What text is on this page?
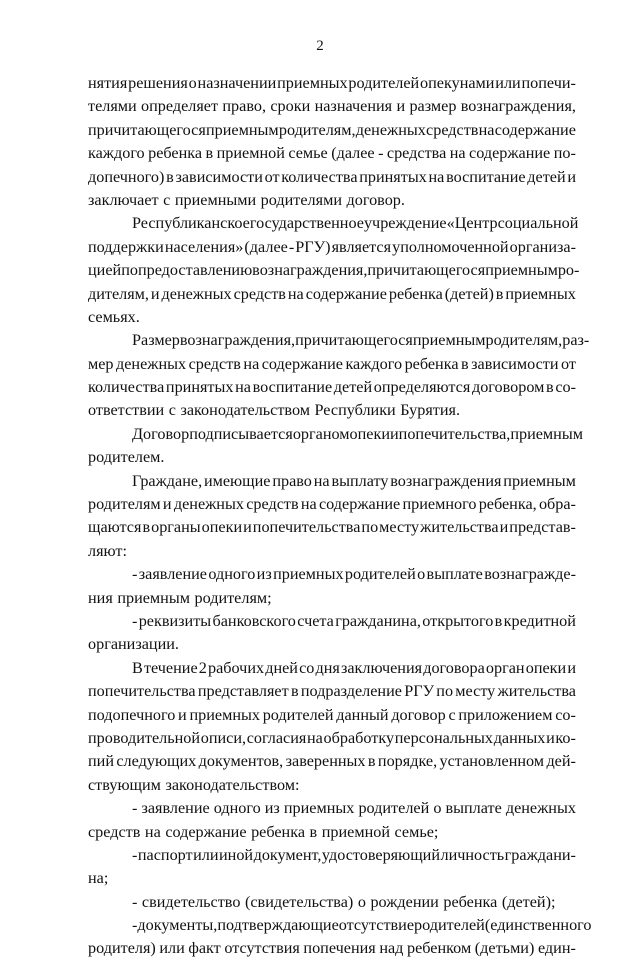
2
нятия решения о назначении приемных родителей опекунами или попечи-
телями определяет право, сроки назначения и размер вознаграждения,
причитающегося приемным родителям, денежных средств на содержание
каждого ребенка в приемной семье (далее - средства на содержание по-
допечного) в зависимости от количества принятых на воспитание детей и
заключает с приемными родителями договор.
Республиканское государственное учреждение «Центр социальной
поддержки населения» (далее - РГУ) является уполномоченной организа-
цией по предоставлению вознаграждения, причитающегося приемным ро-
дителям, и денежных средств на содержание ребенка (детей) в приемных
семьях.
Размер вознаграждения, причитающегося приемным родителям, раз-
мер денежных средств на содержание каждого ребенка в зависимости от
количества принятых на воспитание детей определяются договором в со-
ответствии с законодательством Республики Бурятия.
Договор подписывается органом опеки и попечительства, приемным
родителем.
Граждане, имеющие право на выплату вознаграждения приемным
родителям и денежных средств на содержание приемного ребенка, обра-
щаются в органы опеки и попечительства по месту жительства и представ-
ляют:
- заявление одного из приемных родителей о выплате вознагражде-
ния приемным родителям;
- реквизиты банковского счета гражданина, открытого в кредитной
организации.
В течение 2 рабочих дней со дня заключения договора орган опеки и
попечительства представляет в подразделение РГУ по месту жительства
подопечного и приемных родителей данный договор с приложением со-
проводительной описи, согласия на обработку персональных данных и ко-
пий следующих документов, заверенных в порядке, установленном дей-
ствующим законодательством:
- заявление одного из приемных родителей о выплате денежных
средств на содержание ребенка в приемной семье;
- паспорт или иной документ, удостоверяющий личность граждани-
на;
- свидетельство (свидетельства) о рождении ребенка (детей);
- документы, подтверждающие отсутствие родителей (единственного
родителя) или факт отсутствия попечения над ребенком (детьми) един-
